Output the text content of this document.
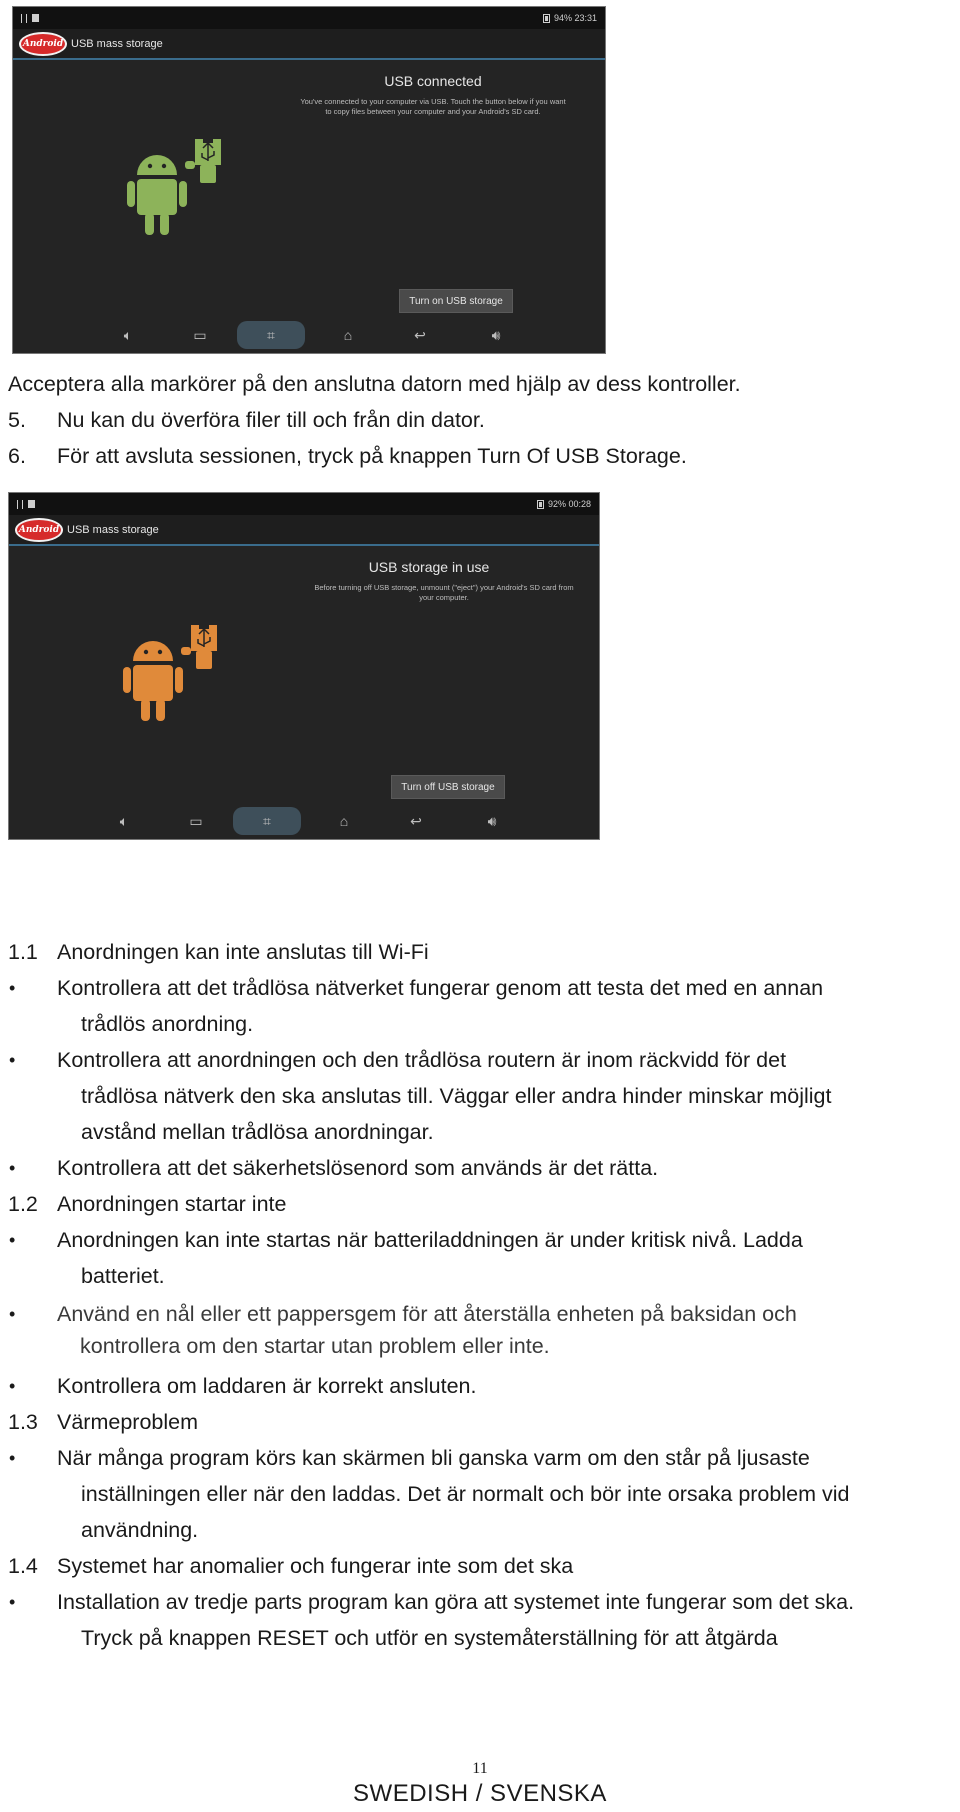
94% 23:31
Android USB mass storage
USB connected
You've connected to your computer via USB. Touch the button below if you want
to copy files between your computer and your Android's SD card.
Turn on USB storage
🔈︎	▭	⌗	⌂	↩	🔊︎
Acceptera alla markörer på den anslutna datorn med hjälp av dess kontroller.
5. Nu kan du överföra filer till och från din dator.
6. För att avsluta sessionen, tryck på knappen Turn Of USB Storage.
92% 00:28
Android USB mass storage
USB storage in use
Before turning off USB storage, unmount ("eject") your Android's SD card from
your computer.
Turn off USB storage
🔈︎	▭	⌗	⌂	↩	🔊︎
1.1 Anordningen kan inte anslutas till Wi-Fi
• Kontrollera att det trådlösa nätverket fungerar genom att testa det med en annan
trådlös anordning.
• Kontrollera att anordningen och den trådlösa routern är inom räckvidd för det
trådlösa nätverk den ska anslutas till. Väggar eller andra hinder minskar möjligt
avstånd mellan trådlösa anordningar.
• Kontrollera att det säkerhetslösenord som används är det rätta.
1.2 Anordningen startar inte
• Anordningen kan inte startas när batteriladdningen är under kritisk nivå. Ladda
batteriet.
• Använd en nål eller ett pappersgem för att återställa enheten på baksidan och
kontrollera om den startar utan problem eller inte.
• Kontrollera om laddaren är korrekt ansluten.
1.3 Värmeproblem
• När många program körs kan skärmen bli ganska varm om den står på ljusaste
inställningen eller när den laddas. Det är normalt och bör inte orsaka problem vid
användning.
1.4 Systemet har anomalier och fungerar inte som det ska
• Installation av tredje parts program kan göra att systemet inte fungerar som det ska.
Tryck på knappen RESET och utför en systemåterställning för att åtgärda
11
SWEDISH / SVENSKA
